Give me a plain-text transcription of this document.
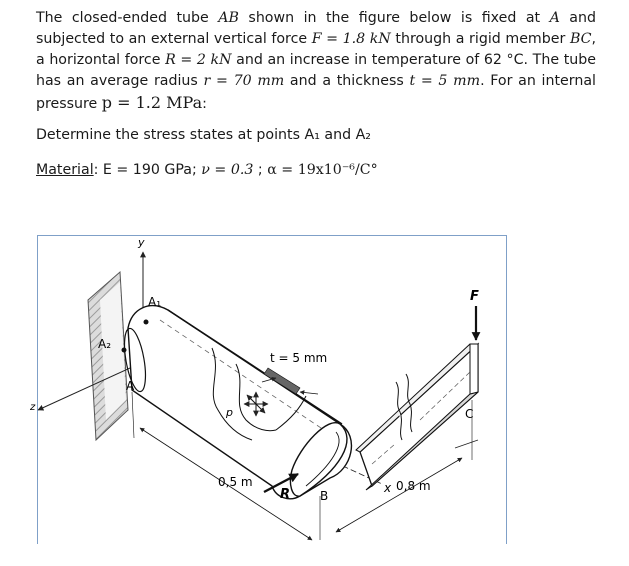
The closed-ended tube AB shown in the figure below is fixed at A and subjected to an external vertical force F = 1.8 kN through a rigid member BC, a horizontal force R = 2 kN and an increase in temperature of 62 °C. The tube has an average radius r = 70 mm and a thickness t = 5 mm. For an internal pressure p = 1.2 MPa:

Determine the stress states at points A₁ and A₂

Material: E = 190 GPa; ν = 0.3 ; α = 19x10⁻⁶/C°

y
z
x
A₁
A₂
A
B
C
F
R
p
t = 5 mm
0,5 m	0,8 m
